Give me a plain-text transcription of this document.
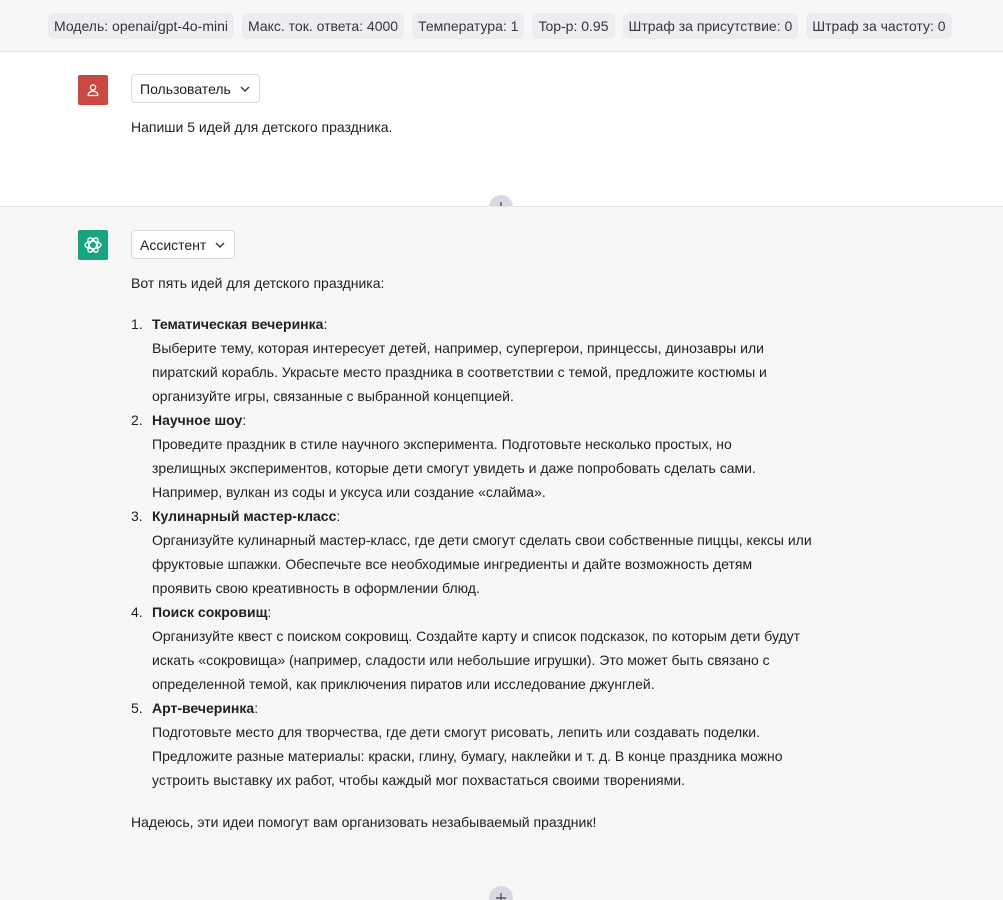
Модель: openai/gpt-4o-mini	Макс. ток. ответа: 4000	Температура: 1	Top-p: 0.95	Штраф за присутствие: 0	Штраф за частоту: 0
Пользователь
Напиши 5 идей для детского праздника.
Ассистент
Вот пять идей для детского праздника:
1. Тематическая вечеринка:
Выберите тему, которая интересует детей, например, супергерои, принцессы, динозавры или
пиратский корабль. Украсьте место праздника в соответствии с темой, предложите костюмы и
организуйте игры, связанные с выбранной концепцией.
2. Научное шоу:
Проведите праздник в стиле научного эксперимента. Подготовьте несколько простых, но
зрелищных экспериментов, которые дети смогут увидеть и даже попробовать сделать сами.
Например, вулкан из соды и уксуса или создание «слайма».
3. Кулинарный мастер-класс:
Организуйте кулинарный мастер-класс, где дети смогут сделать свои собственные пиццы, кексы или
фруктовые шпажки. Обеспечьте все необходимые ингредиенты и дайте возможность детям
проявить свою креативность в оформлении блюд.
4. Поиск сокровищ:
Организуйте квест с поиском сокровищ. Создайте карту и список подсказок, по которым дети будут
искать «сокровища» (например, сладости или небольшие игрушки). Это может быть связано с
определенной темой, как приключения пиратов или исследование джунглей.
5. Арт-вечеринка:
Подготовьте место для творчества, где дети смогут рисовать, лепить или создавать поделки.
Предложите разные материалы: краски, глину, бумагу, наклейки и т. д. В конце праздника можно
устроить выставку их работ, чтобы каждый мог похвастаться своими творениями.
Надеюсь, эти идеи помогут вам организовать незабываемый праздник!
